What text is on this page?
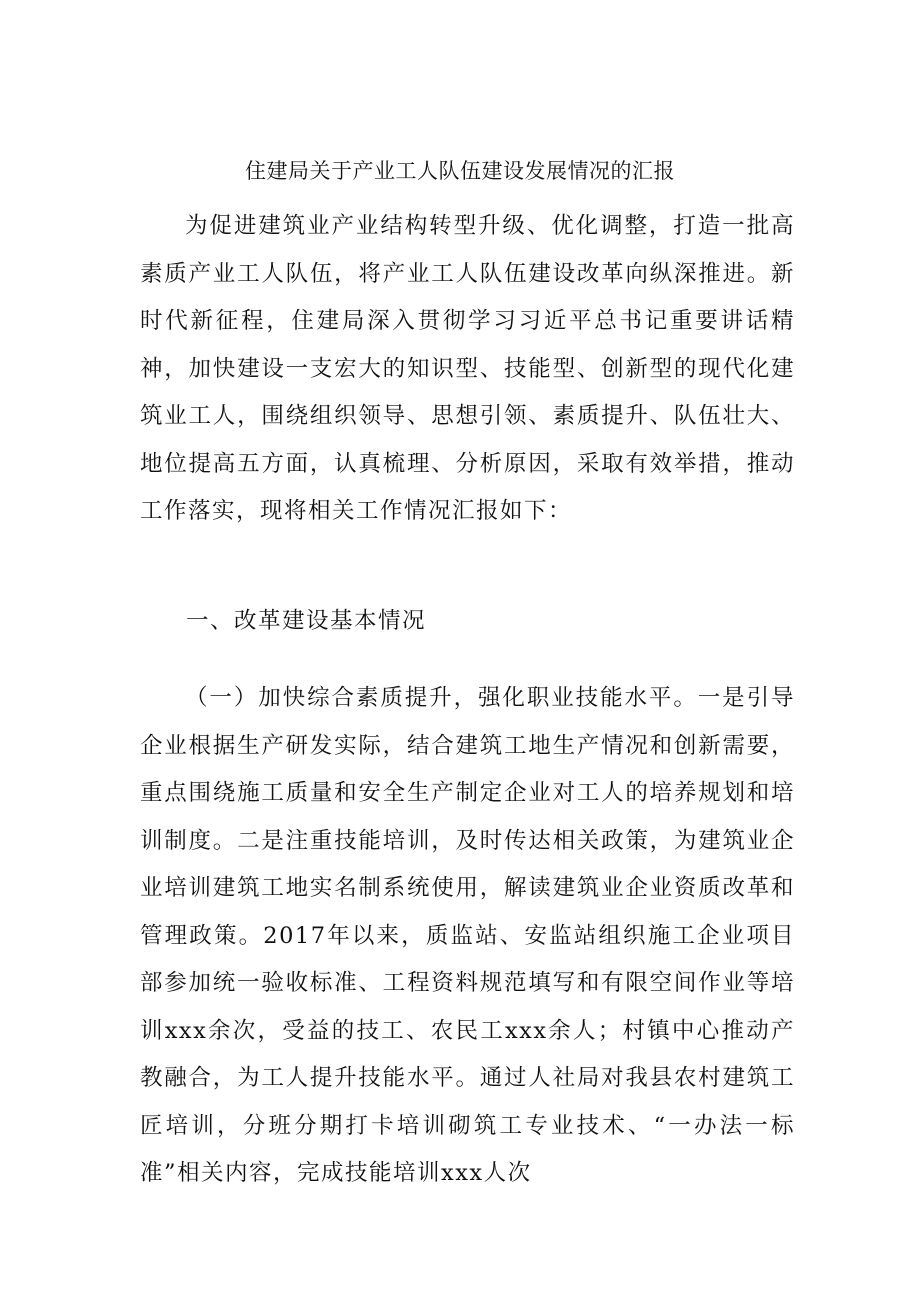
住建局关于产业工人队伍建设发展情况的汇报

为促进建筑业产业结构转型升级、优化调整，打造一批高素质产业工人队伍，将产业工人队伍建设改革向纵深推进。新时代新征程，住建局深入贯彻学习习近平总书记重要讲话精神，加快建设一支宏大的知识型、技能型、创新型的现代化建筑业工人，围绕组织领导、思想引领、素质提升、队伍壮大、地位提高五方面，认真梳理、分析原因，采取有效举措，推动工作落实，现将相关工作情况汇报如下：

一、改革建设基本情况

（一）加快综合素质提升，强化职业技能水平。一是引导企业根据生产研发实际，结合建筑工地生产情况和创新需要，重点围绕施工质量和安全生产制定企业对工人的培养规划和培训制度。二是注重技能培训，及时传达相关政策，为建筑业企业培训建筑工地实名制系统使用，解读建筑业企业资质改革和管理政策。2017年以来，质监站、安监站组织施工企业项目部参加统一验收标准、工程资料规范填写和有限空间作业等培训xxx余次，受益的技工、农民工xxx余人；村镇中心推动产教融合，为工人提升技能水平。通过人社局对我县农村建筑工匠培训，分班分期打卡培训砌筑工专业技术、“一办法一标准”相关内容，完成技能培训xxx人次
